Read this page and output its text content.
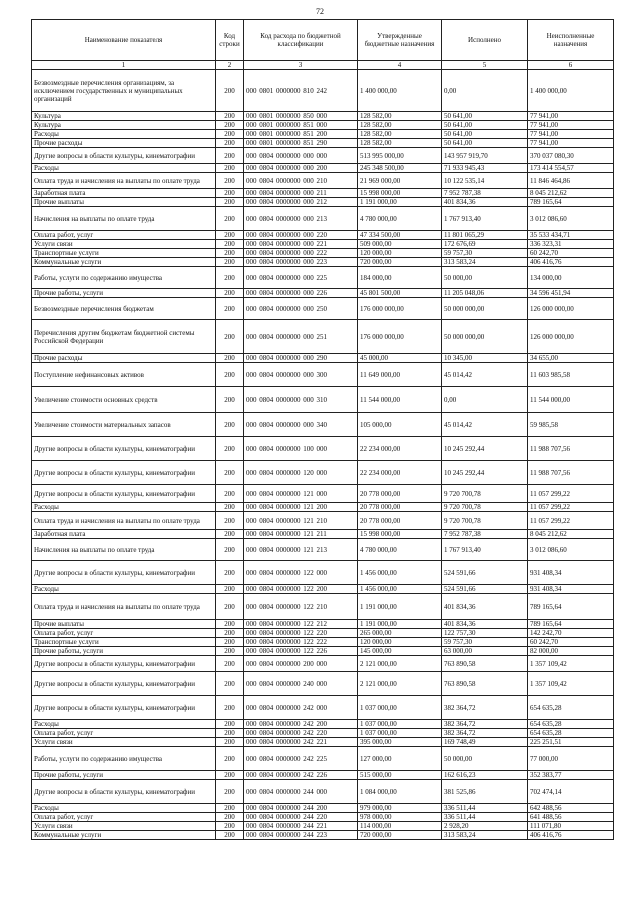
72
Наименование показателя	Код строки	Код расхода по бюджетной классификации	Утвержденные бюджетные назначения	Исполнено	Неисполненные назначения
1	2	3	4	5	6
Безвозмездные перечисления организациям, за исключением государственных и муниципальных организаций	200	000 0801 0000000 810 242	1 400 000,00	0,00	1 400 000,00
Культура	200	000 0801 0000000 850 000	128 582,00	50 641,00	77 941,00
Культура	200	000 0801 0000000 851 000	128 582,00	50 641,00	77 941,00
Расходы	200	000 0801 0000000 851 200	128 582,00	50 641,00	77 941,00
Прочие расходы	200	000 0801 0000000 851 290	128 582,00	50 641,00	77 941,00
Другие вопросы в области культуры, кинематографии	200	000 0804 0000000 000 000	513 995 000,00	143 957 919,70	370 037 080,30
Расходы	200	000 0804 0000000 000 200	245 348 500,00	71 933 945,43	173 414 554,57
Оплата труда и начисления на выплаты по оплате труда	200	000 0804 0000000 000 210	21 969 000,00	10 122 535,14	11 846 464,86
Заработная плата	200	000 0804 0000000 000 211	15 998 000,00	7 952 787,38	8 045 212,62
Прочие выплаты	200	000 0804 0000000 000 212	1 191 000,00	401 834,36	789 165,64
Начисления на выплаты по оплате труда	200	000 0804 0000000 000 213	4 780 000,00	1 767 913,40	3 012 086,60
Оплата работ, услуг	200	000 0804 0000000 000 220	47 334 500,00	11 801 065,29	35 533 434,71
Услуги связи	200	000 0804 0000000 000 221	509 000,00	172 676,69	336 323,31
Транспортные услуги	200	000 0804 0000000 000 222	120 000,00	59 757,30	60 242,70
Коммунальные услуги	200	000 0804 0000000 000 223	720 000,00	313 583,24	406 416,76
Работы, услуги по содержанию имущества	200	000 0804 0000000 000 225	184 000,00	50 000,00	134 000,00
Прочие работы, услуги	200	000 0804 0000000 000 226	45 801 500,00	11 205 048,06	34 596 451,94
Безвозмездные перечисления бюджетам	200	000 0804 0000000 000 250	176 000 000,00	50 000 000,00	126 000 000,00
Перечисления другим бюджетам бюджетной системы Российской Федерации	200	000 0804 0000000 000 251	176 000 000,00	50 000 000,00	126 000 000,00
Прочие расходы	200	000 0804 0000000 000 290	45 000,00	10 345,00	34 655,00
Поступление нефинансовых активов	200	000 0804 0000000 000 300	11 649 000,00	45 014,42	11 603 985,58
Увеличение стоимости основных средств	200	000 0804 0000000 000 310	11 544 000,00	0,00	11 544 000,00
Увеличение стоимости материальных запасов	200	000 0804 0000000 000 340	105 000,00	45 014,42	59 985,58
Другие вопросы в области культуры, кинематографии	200	000 0804 0000000 100 000	22 234 000,00	10 245 292,44	11 988 707,56
Другие вопросы в области культуры, кинематографии	200	000 0804 0000000 120 000	22 234 000,00	10 245 292,44	11 988 707,56
Другие вопросы в области культуры, кинематографии	200	000 0804 0000000 121 000	20 778 000,00	9 720 700,78	11 057 299,22
Расходы	200	000 0804 0000000 121 200	20 778 000,00	9 720 700,78	11 057 299,22
Оплата труда и начисления на выплаты по оплате труда	200	000 0804 0000000 121 210	20 778 000,00	9 720 700,78	11 057 299,22
Заработная плата	200	000 0804 0000000 121 211	15 998 000,00	7 952 787,38	8 045 212,62
Начисления на выплаты по оплате труда	200	000 0804 0000000 121 213	4 780 000,00	1 767 913,40	3 012 086,60
Другие вопросы в области культуры, кинематографии	200	000 0804 0000000 122 000	1 456 000,00	524 591,66	931 408,34
Расходы	200	000 0804 0000000 122 200	1 456 000,00	524 591,66	931 408,34
Оплата труда и начисления на выплаты по оплате труда	200	000 0804 0000000 122 210	1 191 000,00	401 834,36	789 165,64
Прочие выплаты	200	000 0804 0000000 122 212	1 191 000,00	401 834,36	789 165,64
Оплата работ, услуг	200	000 0804 0000000 122 220	265 000,00	122 757,30	142 242,70
Транспортные услуги	200	000 0804 0000000 122 222	120 000,00	59 757,30	60 242,70
Прочие работы, услуги	200	000 0804 0000000 122 226	145 000,00	63 000,00	82 000,00
Другие вопросы в области культуры, кинематографии	200	000 0804 0000000 200 000	2 121 000,00	763 890,58	1 357 109,42
Другие вопросы в области культуры, кинематографии	200	000 0804 0000000 240 000	2 121 000,00	763 890,58	1 357 109,42
Другие вопросы в области культуры, кинематографии	200	000 0804 0000000 242 000	1 037 000,00	382 364,72	654 635,28
Расходы	200	000 0804 0000000 242 200	1 037 000,00	382 364,72	654 635,28
Оплата работ, услуг	200	000 0804 0000000 242 220	1 037 000,00	382 364,72	654 635,28
Услуги связи	200	000 0804 0000000 242 221	395 000,00	169 748,49	225 251,51
Работы, услуги по содержанию имущества	200	000 0804 0000000 242 225	127 000,00	50 000,00	77 000,00
Прочие работы, услуги	200	000 0804 0000000 242 226	515 000,00	162 616,23	352 383,77
Другие вопросы в области культуры, кинематографии	200	000 0804 0000000 244 000	1 084 000,00	381 525,86	702 474,14
Расходы	200	000 0804 0000000 244 200	979 000,00	336 511,44	642 488,56
Оплата работ, услуг	200	000 0804 0000000 244 220	978 000,00	336 511,44	641 488,56
Услуги связи	200	000 0804 0000000 244 221	114 000,00	2 928,20	111 071,80
Коммунальные услуги	200	000 0804 0000000 244 223	720 000,00	313 583,24	406 416,76
